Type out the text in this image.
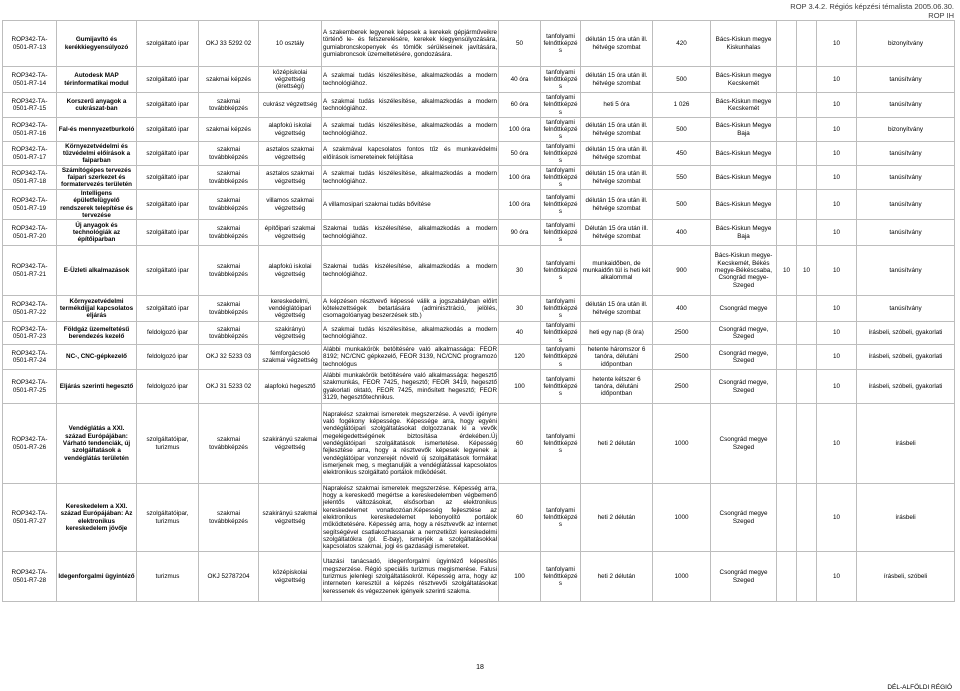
ROP 3.4.2. Régiós képzési témalista 2005.06.30.
ROP IH
ROP342-TA-0501-R7-13	Gumijavító és kerékkiegyensúlyozó	szolgáltató ipar	OKJ 33 5292 02	10 osztály	A szakemberek legyenek képesek a kerekek gépjárműveikre történő le- és felszerelésére, kerekek kiegyensúlyozására, gumiabroncskopenyek és tömlők sérüléseinek javítására, gumiabroncsok üzemeltetésére, gondozására.	50	tanfolyami felnőttképzés	délután 15 óra után ill. hétvége szombat	420	Bács-Kiskun megye Kiskunhalas			10	bizonyítvány
ROP342-TA-0501-R7-14	Autodesk MAP térinformatikai modul	szolgáltató ipar	szakmai képzés	középiskolai végzettség (érettségi)	A szakmai tudás kiszélesítése, alkalmazkodás a modern technológiához.	40 óra	tanfolyami felnőttképzés	délután 15 óra után ill. hétvége szombat	500	Bács-Kiskun megye Kecskemét			10	tanúsítvány
ROP342-TA-0501-R7-15	Korszerű anyagok a cukrászat-ban	szolgáltató ipar	szakmai továbbképzés	cukrász végzettség	A szakmai tudás kiszélesítése, alkalmazkodás a modern technológiához.	60 óra	tanfolyami felnőttképzés	heti 5 óra	1 026	Bács-Kiskun megye Kecskemét			10	tanúsítvány
ROP342-TA-0501-R7-16	Fal-és mennyezetburkoló	szolgáltató ipar	szakmai képzés	alapfokú iskolai végzettség	A szakmai tudás kiszélesítése, alkalmazkodás a modern technológiához.	100 óra	tanfolyami felnőttképzés	délután 15 óra után ill. hétvége szombat	500	Bács-Kiskun Megye Baja			10	bizonyítvány
ROP342-TA-0501-R7-17	Környezetvédelmi és tűzvédelmi előírások a faiparban	szolgáltató ipar	szakmai továbbképzés	asztalos szakmai végzettség	A szakmával kapcsolatos fontos tűz és munkavédelmi előírások ismereteinek felújítása	50 óra	tanfolyami felnőttképzés	délután 15 óra után ill. hétvége szombat	450	Bács-Kiskun Megye			10	tanúsítvány
ROP342-TA-0501-R7-18	Számítógépes tervezés faipari szerkezet és formatervezés területén	szolgáltató ipar	szakmai továbbképzés	asztalos szakmai végzettség	A szakmai tudás kiszélesítése, alkalmazkodás a modern technológiához.	100 óra	tanfolyami felnőttképzés	délután 15 óra után ill. hétvége szombat	550	Bács-Kiskun Megye			10	tanúsítvány
ROP342-TA-0501-R7-19	Intelligens épületfelügyelő rendszerek telepítése és tervezése	szolgáltató ipar	szakmai továbbképzés	villamos szakmai végzettség	A villamosipari szakmai tudás bővítése	100 óra	tanfolyami felnőttképzés	délután 15 óra után ill. hétvége szombat	500	Bács-Kiskun Megye			10	tanúsítvány
ROP342-TA-0501-R7-20	Új anyagok és technológiák az építőiparban	szolgáltató ipar	szakmai továbbképzés	építőipari szakmai végzettség	Szakmai tudás kiszélesítése, alkalmazkodás a modern technológiához.	90 óra	tanfolyami felnőttképzés	Délután 15 óra után ill. hétvége szombat	400	Bács-Kiskun Megye Baja			10	tanúsítvány
ROP342-TA-0501-R7-21	E-Üzleti alkalmazások	szolgáltató ipar	szakmai továbbképzés	alapfokú iskolai végzettség	Szakmai tudás kiszélesítése, alkalmazkodás a modern technológiához.	30	tanfolyami felnőttképzés	munkaidőben, de munkaidőn túl is heti két alkalommal	900	Bács-Kiskun megye-Kecskemét, Békés megye-Békéscsaba, Csongrád megye-Szeged	10	10	10	tanúsítvány
ROP342-TA-0501-R7-22	Környezetvédelmi termékdíjjal kapcsolatos eljárás	szolgáltató ipar	szakmai továbbképzés	kereskedelmi, vendéglátóipari végzettség	A képzésen résztvevő képessé válik a jogszabályban előírt kötelezettségek betartására (adminisztráció, jelölés, csomagolóanyag beszerzések stb.)	30	tanfolyami felnőttképzés	délután 15 óra után ill. hétvége szombat	400	Csongrád megye			10	tanúsítvány
ROP342-TA-0501-R7-23	Földgáz üzemeltetésű berendezés kezelő	feldolgozó ipar	szakmai továbbképzés	szakirányú végzettség	A szakmai tudás kiszélesítése, alkalmazkodás a modern technológiához.	40	tanfolyami felnőttképzés	heti egy nap (8 óra)	2500	Csongrád megye, Szeged			10	írásbeli, szóbeli, gyakorlati
ROP342-TA-0501-R7-24	NC-, CNC-gépkezelő	feldolgozó ipar	OKJ 32 5233 03	fémforgácsoló szakmai végzettség	Alábbi munkakörök betöltésére való alkalmassága: FEOR 8192; NC/CNC gépkezelő, FEOR 3139, NC/CNC programozó technológus	120	tanfolyami felnőttképzés	hetente háromszor 6 tanóra, délutáni időpontban	2500	Csongrád megye, Szeged			10	írásbeli, szóbeli, gyakorlati
ROP342-TA-0501-R7-25	Eljárás szerinti hegesztő	feldolgozó ipar	OKJ 31 5233 02	alapfokú hegesztő	Alábbi munkakörök betöltésére való alkalmassága: hegesztő szakmunkás, FEOR 7425, hegesztő; FEOR 3419, hegesztő gyakorlati oktató, FEOR 7425, minősített hegesztő; FEOR 3129, hegesztőtechnikus.	100	tanfolyami felnőttképzés	hetente kétszer 6 tanóra, délutáni időpontban	2500	Csongrád megye, Szeged			10	írásbeli, szóbeli, gyakorlati
ROP342-TA-0501-R7-26	Vendéglátás a XXI. század Európájában: Várható tendenciák, új szolgáltatások a vendéglátás területén	szolgáltatóipar, turizmus	szakmai továbbképzés	szakirányú szakmai végzettség	Naprakész szakmai ismeretek megszerzése. A vevői igényre való fogékony képessége. Képessége arra, hogy egyéni vendéglátóipari szolgáltatásokat dolgozzanak ki a vevők megelégedettségének biztosítása érdekében.Új vendéglátóipari szolgáltatások ismertetése. Képesség fejlesztése arra, hogy a résztvevők képesek legyenek a vendéglátóipar vonzerejét növelő új szolgáltatások formákat ismerjenek meg, s megtanulják a vendéglátással kapcsolatos elektronikus szolgáltató portálok működését.	60	tanfolyami felnőttképzés	heti 2 délután	1000	Csongrád megye Szeged			10	írásbeli
ROP342-TA-0501-R7-27	Kereskedelem a XXI. század Európájában: Az elektronikus kereskedelem jövője	szolgáltatóipar, turizmus	szakmai továbbképzés	szakirányú szakmai végzettség	Naprakész szakmai ismeretek megszerzése. Képesség arra, hogy a kereskedő megértse a kereskedelemben végbemenő jelentős változásokat, elsősorban az elektronikus kereskedelemet vonatkozóan.Képesség fejlesztése az elektronikus kereskedelemet lebonyolító portálok működtetésére. Képesség arra, hogy a résztvevők az internet segítségével csatlakozhassanak a nemzetközi kereskedelmi szolgáltatókra (pl. E-bay), ismerjék a szolgáltatásokkal kapcsolatos szakmai, jogi és gazdasági ismereteket.	60	tanfolyami felnőttképzés	heti 2 délután	1000	Csongrád megye Szeged			10	írásbeli
ROP342-TA-0501-R7-28	Idegenforgalmi ügyintéző	turizmus	OKJ 52787204	középiskolai végzettség	Utazási tanácsadó, idegenforgalmi ügyintéző képesítés megszerzése. Régió speciális turizmus megismerése. Falusi turizmus jelenlegi szolgáltatásokról. Képesség arra, hogy az interneten keresztül a képzés résztvevői szolgáltatásokat keressenek és végezzenek igényeik szerinti szakma.	100	tanfolyami felnőttképzés	heti 2 délután	1000	Csongrád megye Szeged			10	írásbeli, szóbeli
18
DÉL-ALFÖLDI RÉGIÓ
